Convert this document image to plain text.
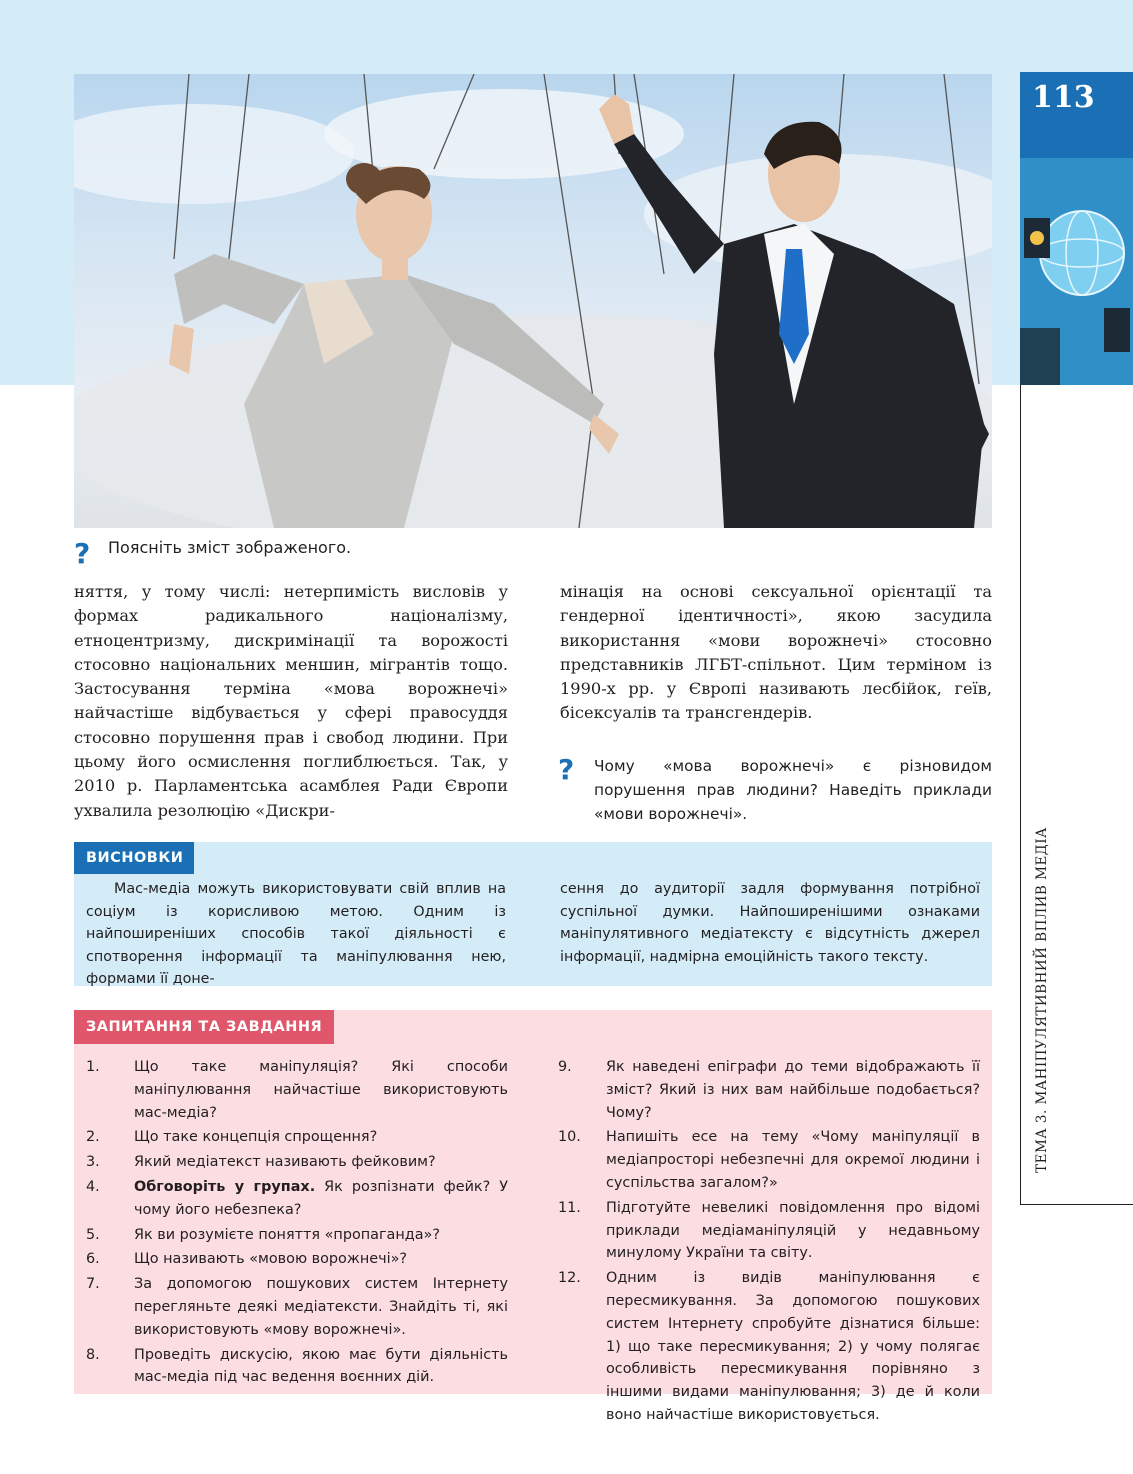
113
ТЕМА 3. МАНІПУЛЯТИВНИЙ ВПЛИВ МЕДІА
? Поясніть зміст зображеного.

няття, у тому числі: нетерпимість висловів у формах радикального націоналізму, етноцентризму, дискримінації та ворожості стосовно національних меншин, мігрантів тощо. Застосування терміна «мова ворожнечі» найчастіше відбувається у сфері правосуддя стосовно порушення прав і свобод людини. При цьому його осмислення поглиблюється. Так, у 2010 р. Парламентська асамблея Ради Європи ухвалила резолюцію «Дискри-

мінація на основі сексуальної орієнтації та гендерної ідентичності», якою засудила використання «мови ворожнечі» стосовно представників ЛГБТ-спільнот. Цим терміном із 1990-х рр. у Європі називають лесбійок, геїв, бісексуалів та трансгендерів.

? Чому «мова ворожнечі» є різновидом порушення прав людини? Наведіть приклади «мови ворожнечі».
ВИСНОВКИ
Мас-медіа можуть використовувати свій вплив на соціум із корисливою метою. Одним із найпоширеніших способів такої діяльності є спотворення інформації та маніпулювання нею, формами її доне-
сення до аудиторії задля формування потрібної суспільної думки. Найпоширенішими ознаками маніпулятивного медіатексту є відсутність джерел інформації, надмірна емоційність такого тексту.
ЗАПИТАННЯ ТА ЗАВДАННЯ
1. Що таке маніпуляція? Які способи маніпулювання найчастіше використовують мас-медіа?
2. Що таке концепція спрощення?
3. Який медіатекст називають фейковим?
4. Обговоріть у групах. Як розпізнати фейк? У чому його небезпека?
5. Як ви розумієте поняття «пропаганда»?
6. Що називають «мовою ворожнечі»?
7. За допомогою пошукових систем Інтернету перегляньте деякі медіатексти. Знайдіть ті, які використовують «мову ворожнечі».
8. Проведіть дискусію, якою має бути діяльність мас-медіа під час ведення воєнних дій.
9. Як наведені епіграфи до теми відображають її зміст? Який із них вам найбільше подобається? Чому?
10. Напишіть есе на тему «Чому маніпуляції в медіапросторі небезпечні для окремої людини і суспільства загалом?»
11. Підготуйте невеликі повідомлення про відомі приклади медіаманіпуляцій у недавньому минулому України та світу.
12. Одним із видів маніпулювання є пересмикування. За допомогою пошукових систем Інтернету спробуйте дізнатися більше: 1) що таке пересмикування; 2) у чому полягає особливість пересмикування порівняно з іншими видами маніпулювання; 3) де й коли воно найчастіше використовується.
